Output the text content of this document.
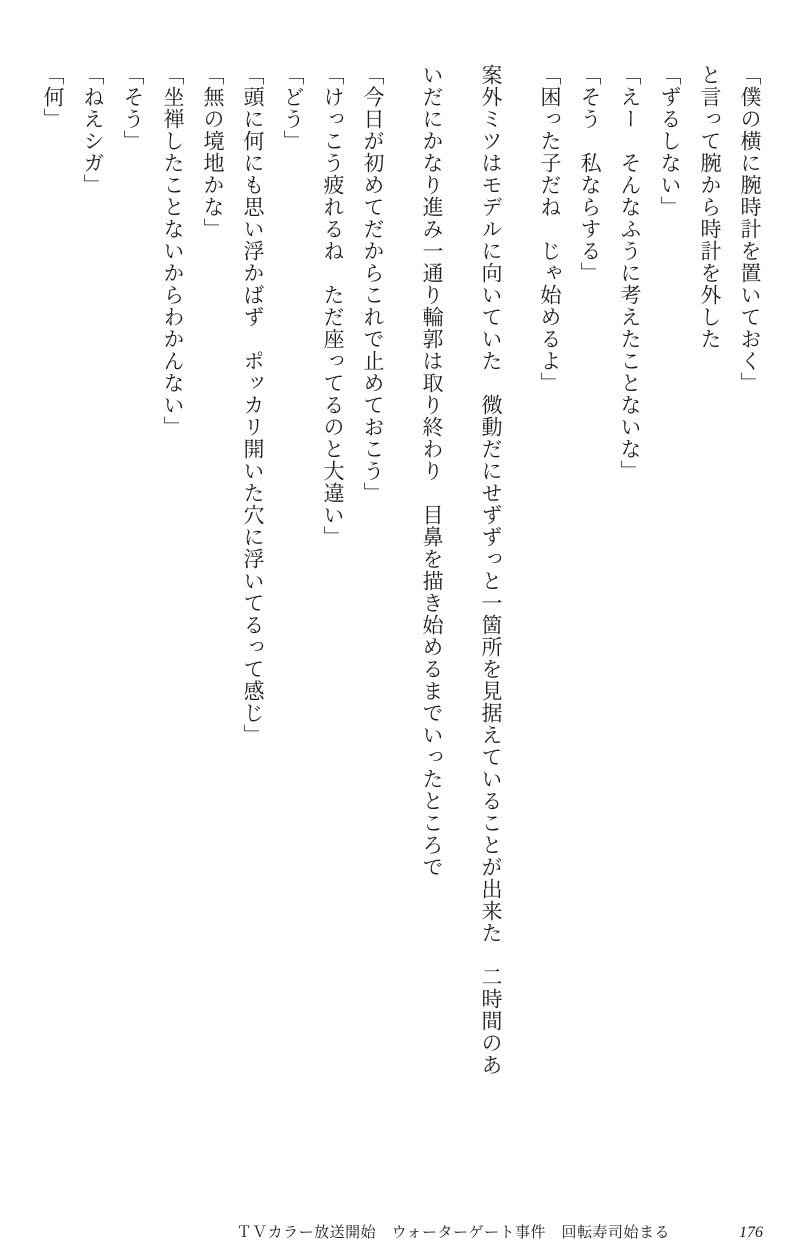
「僕の横に腕時計を置いておく」
と言って腕から時計を外した
「ずるしない」
「えー　そんなふうに考えたことないな」
「そう　私ならする」
「困った子だね　じゃ始めるよ」
案外ミツはモデルに向いていた　微動だにせずずっと一箇所を見据えていることが出来た　二時間のあ
いだにかなり進み一通り輪郭は取り終わり　目鼻を描き始めるまでいったところで
「今日が初めてだからこれで止めておこう」
「けっこう疲れるね　ただ座ってるのと大違い」
「どう」
「頭に何にも思い浮かばず　ポッカリ開いた穴に浮いてるって感じ」
「無の境地かな」
「坐禅したことないからわかんない」
「そう」
「ねえシガ」
「何」
ＴＶカラー放送開始　ウォーターゲート事件　回転寿司始まる	176
